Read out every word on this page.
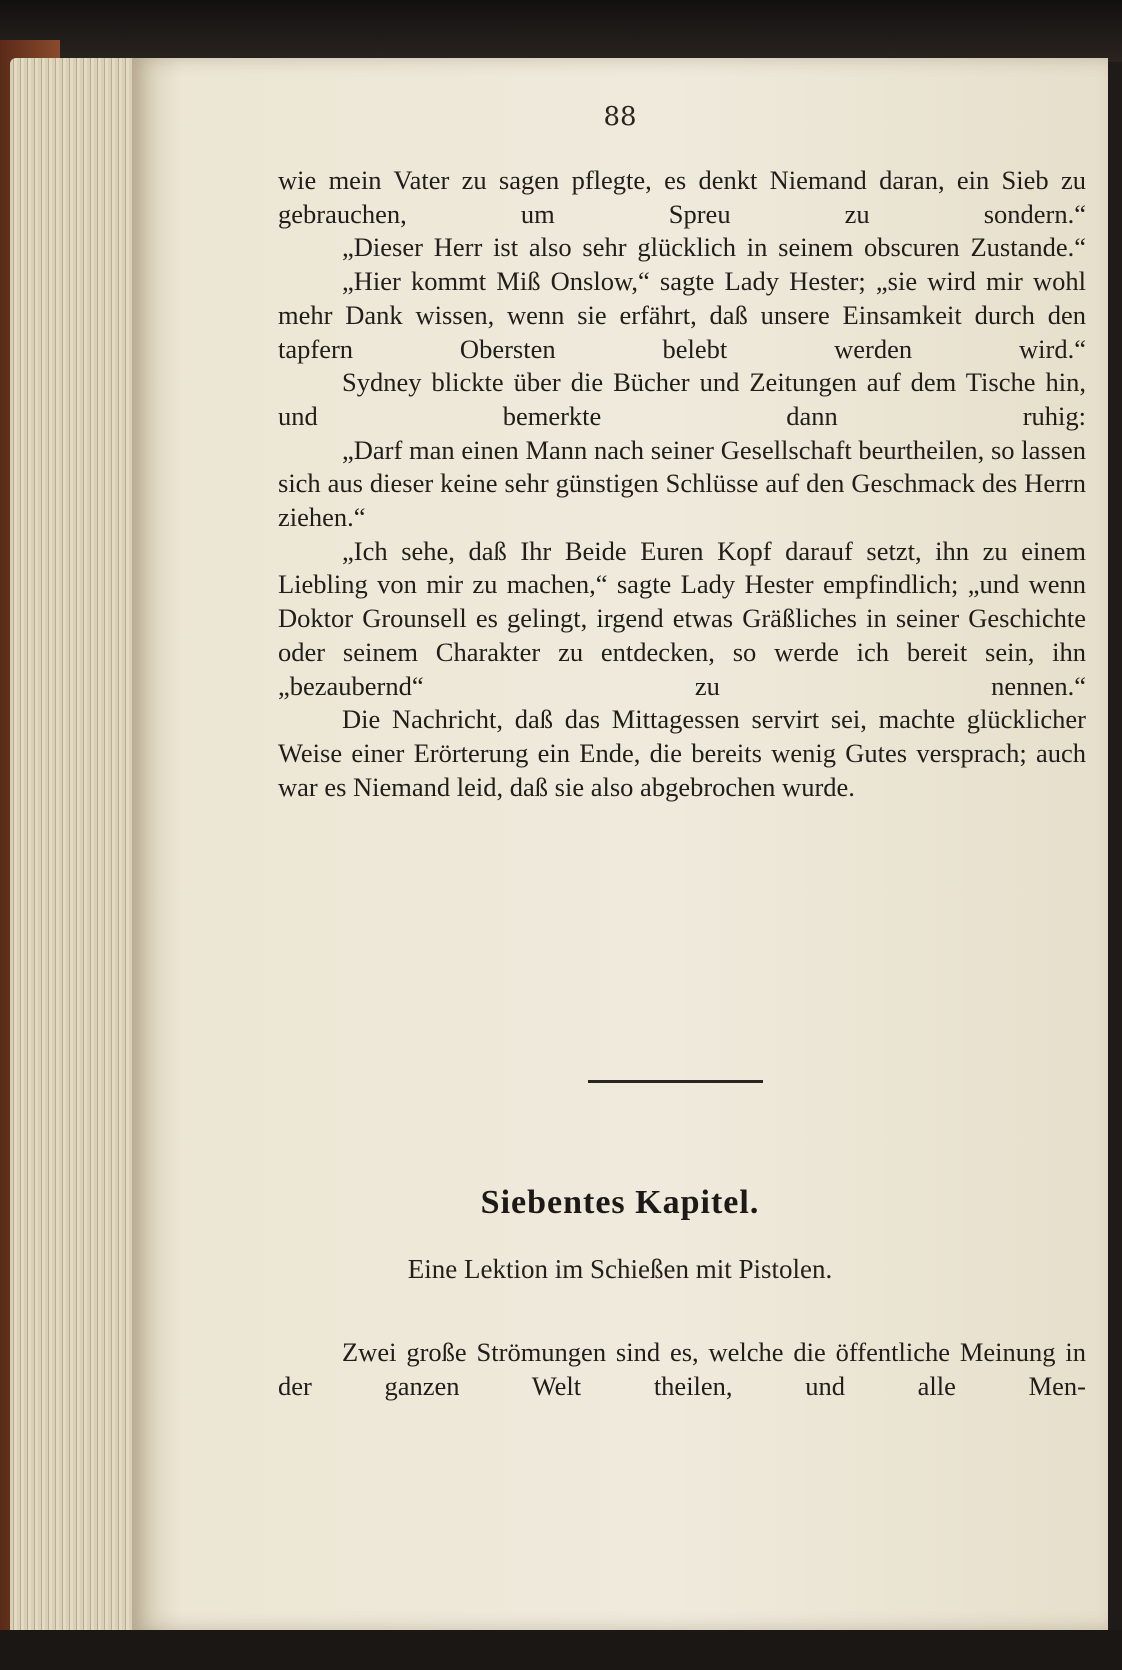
88

wie mein Vater zu sagen pflegte, es denkt Niemand daran, ein Sieb zu gebrauchen, um Spreu zu sondern.“

„Dieser Herr ist also sehr glücklich in seinem obscuren Zustande.“

„Hier kommt Miß Onslow,“ sagte Lady Hester; „sie wird mir wohl mehr Dank wissen, wenn sie erfährt, daß unsere Einsamkeit durch den tapfern Obersten belebt werden wird.“

Sydney blickte über die Bücher und Zeitungen auf dem Tische hin, und bemerkte dann ruhig:

„Darf man einen Mann nach seiner Gesellschaft beurtheilen, so lassen sich aus dieser keine sehr günstigen Schlüsse auf den Geschmack des Herrn ziehen.“

„Ich sehe, daß Ihr Beide Euren Kopf darauf setzt, ihn zu einem Liebling von mir zu machen,“ sagte Lady Hester empfindlich; „und wenn Doktor Grounsell es gelingt, irgend etwas Gräßliches in seiner Geschichte oder seinem Charakter zu entdecken, so werde ich bereit sein, ihn „bezaubernd“ zu nennen.“

Die Nachricht, daß das Mittagessen servirt sei, machte glücklicher Weise einer Erörterung ein Ende, die bereits wenig Gutes versprach; auch war es Niemand leid, daß sie also abgebrochen wurde.

Siebentes Kapitel.
Eine Lektion im Schießen mit Pistolen.

Zwei große Strömungen sind es, welche die öffentliche Meinung in der ganzen Welt theilen, und alle Men-
